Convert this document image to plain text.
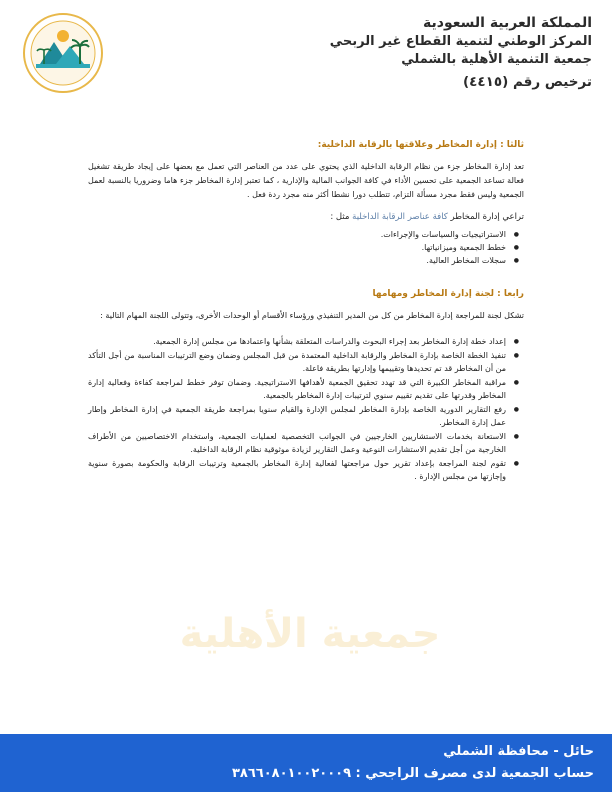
المملكة العربية السعودية
المركز الوطني لتنمية القطاع غير الربحي
جمعية التنمية الأهلية بالشملي
ترخيص رقم (٤٤١٥)
جمعية الأهلية
ثالثا : إدارة المخاطر وعلاقتها بالرقابة الداخلية:

تعد إدارة المخاطر جزء من نظام الرقابة الداخلية الذي يحتوي على عدد من العناصر التي تعمل مع بعضها على إيجاد طريقة تشغيل فعالة تساعد الجمعية على تحسين الأداء في كافة الجوانب المالية والإدارية ، كما تعتبر إدارة المخاطر جزء هاما وضروريا بالنسبة لعمل الجمعية وليس فقط مجرد مسألة التزام، تتطلب دورا نشطا أكثر منه مجرد ردة فعل .

تراعي إدارة المخاطر كافة عناصر الرقابة الداخلية مثل :
● الاستراتيجيات والسياسات والإجراءات.
● خطط الجمعية وميزانياتها.
● سجلات المخاطر العالية.
رابعا : لجنة إدارة المخاطر ومهامها

تشكل لجنة للمراجعة إدارة المخاطر من كل من المدير التنفيذي ورؤساء الأقسام أو الوحدات الأخرى، وتتولى اللجنة المهام التالية :

● إعداد خطة إدارة المخاطر بعد إجراء البحوث والدراسات المتعلقة بشأنها واعتمادها من مجلس إدارة الجمعية.
● تنفيذ الخطة الخاصة بإدارة المخاطر والرقابة الداخلية المعتمدة من قبل المجلس وضمان وضع الترتيبات المناسبة من أجل التأكد من أن المخاطر قد تم تحديدها وتقييمها وإدارتها بطريقة فاعلة.
● مراقبة المخاطر الكبيرة التي قد تهدد تحقيق الجمعية لأهدافها الاستراتيجية. وضمان توفر خطط لمراجعة كفاءة وفعالية إدارة المخاطر وقدرتها على تقديم تقييم سنوي لترتيبات إدارة المخاطر بالجمعية.
● رفع التقارير الدورية الخاصة بإدارة المخاطر لمجلس الإدارة والقيام سنويا بمراجعة طريقة الجمعية في إدارة المخاطر وإطار عمل إدارة المخاطر.
● الاستعانة بخدمات الاستشاريين الخارجيين في الجوانب التخصصية لعمليات الجمعية، واستخدام الاختصاصيين من الأطراف الخارجية من أجل تقديم الاستشارات النوعية وعمل التقارير لزيادة موثوقية نظام الرقابة الداخلية.
● تقوم لجنة المراجعة بإعداد تقرير حول مراجعتها لفعالية إدارة المخاطر بالجمعية وترتيبات الرقابة والحكومة بصورة سنوية وإجازتها من مجلس الإدارة .
حائل - محافظة الشملي
حساب الجمعية لدى مصرف الراجحي : ٣٨٦٦٠٨٠١٠٠٢٠٠٠٩
